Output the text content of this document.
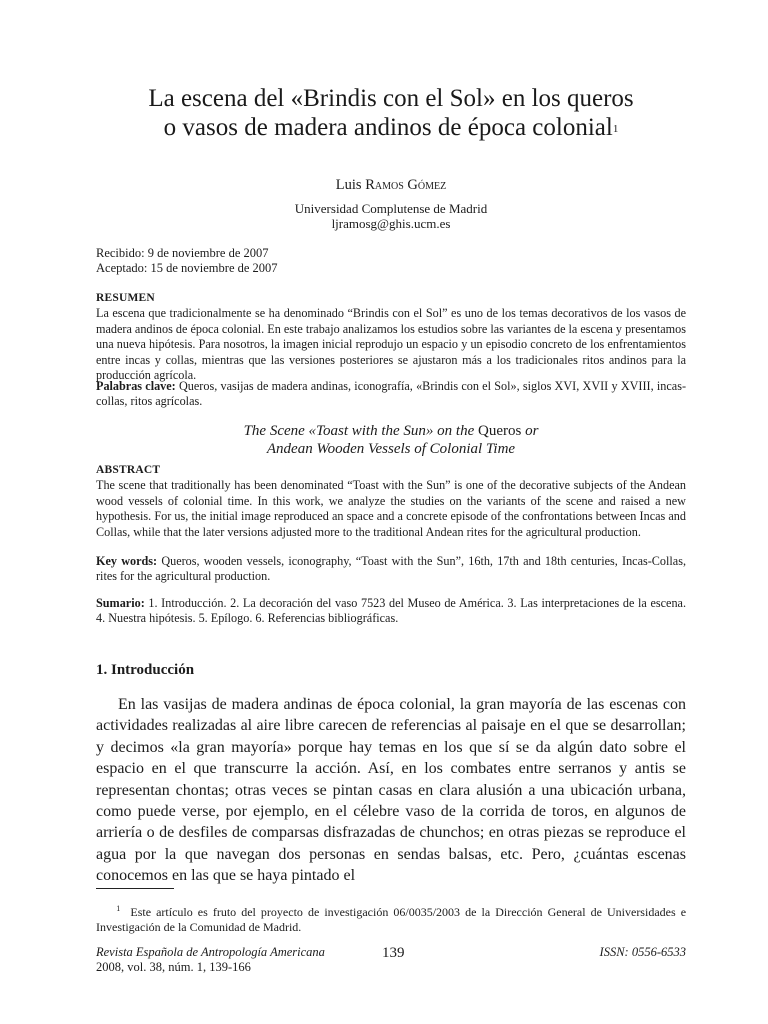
La escena del «Brindis con el Sol» en los queros
o vasos de madera andinos de época colonial$^1$
Luis Ramos Gómez
Universidad Complutense de Madrid
ljramosg@ghis.ucm.es
Recibido: 9 de noviembre de 2007
Aceptado: 15 de noviembre de 2007
RESUMEN
La escena que tradicionalmente se ha denominado “Brindis con el Sol” es uno de los temas decorativos de los vasos de madera andinos de época colonial. En este trabajo analizamos los estudios sobre las variantes de la escena y presentamos una nueva hipótesis. Para nosotros, la imagen inicial reprodujo un espacio y un episodio concreto de los enfrentamientos entre incas y collas, mientras que las versiones posteriores se ajustaron más a los tradicionales ritos andinos para la producción agrícola.
Palabras clave: Queros, vasijas de madera andinas, iconografía, «Brindis con el Sol», siglos XVI, XVII y XVIII, incas-collas, ritos agrícolas.
The Scene «Toast with the Sun» on the Queros or
Andean Wooden Vessels of Colonial Time
ABSTRACT
The scene that traditionally has been denominated “Toast with the Sun” is one of the decorative subjects of the Andean wood vessels of colonial time. In this work, we analyze the studies on the variants of the scene and raised a new hypothesis. For us, the initial image reproduced an space and a concrete episode of the confrontations between Incas and Collas, while that the later versions adjusted more to the traditional Andean rites for the agricultural production.
Key words: Queros, wooden vessels, iconography, “Toast with the Sun”, 16th, 17th and 18th centuries, Incas-Collas, rites for the agricultural production.
Sumario: 1. Introducción. 2. La decoración del vaso 7523 del Museo de América. 3. Las interpretaciones de la escena. 4. Nuestra hipótesis. 5. Epílogo. 6. Referencias bibliográficas.
1. Introducción
En las vasijas de madera andinas de época colonial, la gran mayoría de las escenas con actividades realizadas al aire libre carecen de referencias al paisaje en el que se desarrollan; y decimos «la gran mayoría» porque hay temas en los que sí se da algún dato sobre el espacio en el que transcurre la acción. Así, en los combates entre serranos y antis se representan chontas; otras veces se pintan casas en clara alusión a una ubicación urbana, como puede verse, por ejemplo, en el célebre vaso de la corrida de toros, en algunos de arriería o de desfiles de comparsas disfrazadas de chunchos; en otras piezas se reproduce el agua por la que navegan dos personas en sendas balsas, etc. Pero, ¿cuántas escenas conocemos en las que se haya pintado el
$^1$ Este artículo es fruto del proyecto de investigación 06/0035/2003 de la Dirección General de Universidades e Investigación de la Comunidad de Madrid.
Revista Española de Antropología Americana
2008, vol. 38, núm. 1, 139-166
139	ISSN: 0556-6533
